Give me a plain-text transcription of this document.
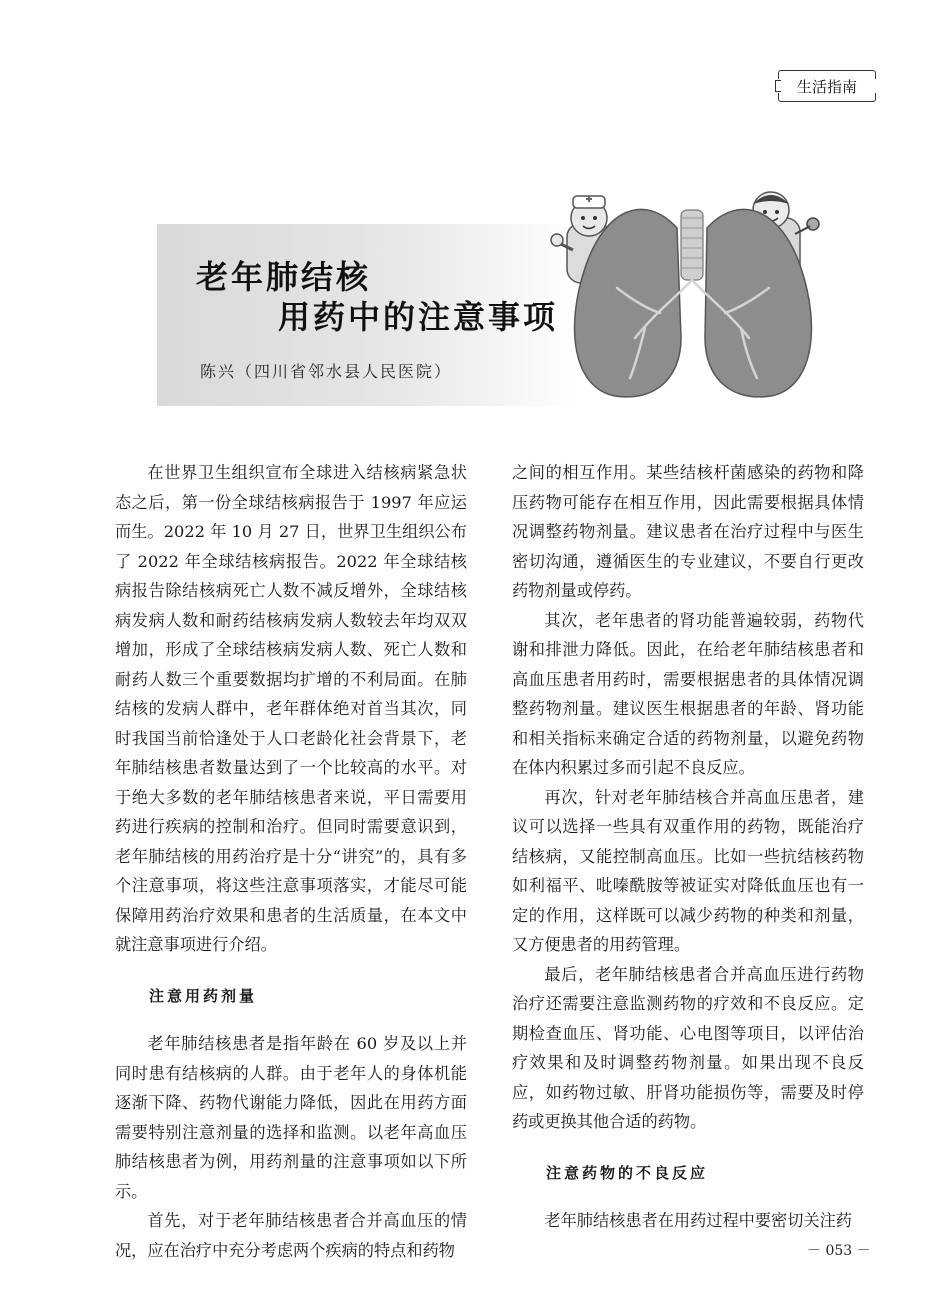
生活指南
老年肺结核
用药中的注意事项
陈兴（四川省邻水县人民医院）

在世界卫生组织宣布全球进入结核病紧急状态之后，第一份全球结核病报告于 1997 年应运而生。2022 年 10 月 27 日，世界卫生组织公布了 2022 年全球结核病报告。2022 年全球结核病报告除结核病死亡人数不减反增外，全球结核病发病人数和耐药结核病发病人数较去年均双双增加，形成了全球结核病发病人数、死亡人数和耐药人数三个重要数据均扩增的不利局面。在肺结核的发病人群中，老年群体绝对首当其次，同时我国当前恰逢处于人口老龄化社会背景下，老年肺结核患者数量达到了一个比较高的水平。对于绝大多数的老年肺结核患者来说，平日需要用药进行疾病的控制和治疗。但同时需要意识到，老年肺结核的用药治疗是十分“讲究”的，具有多个注意事项，将这些注意事项落实，才能尽可能保障用药治疗效果和患者的生活质量，在本文中就注意事项进行介绍。

注意用药剂量

老年肺结核患者是指年龄在 60 岁及以上并同时患有结核病的人群。由于老年人的身体机能逐渐下降、药物代谢能力降低，因此在用药方面需要特别注意剂量的选择和监测。以老年高血压肺结核患者为例，用药剂量的注意事项如以下所示。

首先，对于老年肺结核患者合并高血压的情况，应在治疗中充分考虑两个疾病的特点和药物

之间的相互作用。某些结核杆菌感染的药物和降压药物可能存在相互作用，因此需要根据具体情况调整药物剂量。建议患者在治疗过程中与医生密切沟通，遵循医生的专业建议，不要自行更改药物剂量或停药。

其次，老年患者的肾功能普遍较弱，药物代谢和排泄力降低。因此，在给老年肺结核患者和高血压患者用药时，需要根据患者的具体情况调整药物剂量。建议医生根据患者的年龄、肾功能和相关指标来确定合适的药物剂量，以避免药物在体内积累过多而引起不良反应。

再次，针对老年肺结核合并高血压患者，建议可以选择一些具有双重作用的药物，既能治疗结核病，又能控制高血压。比如一些抗结核药物如利福平、吡嗪酰胺等被证实对降低血压也有一定的作用，这样既可以减少药物的种类和剂量，又方便患者的用药管理。

最后，老年肺结核患者合并高血压进行药物治疗还需要注意监测药物的疗效和不良反应。定期检查血压、肾功能、心电图等项目，以评估治疗效果和及时调整药物剂量。如果出现不良反应，如药物过敏、肝肾功能损伤等，需要及时停药或更换其他合适的药物。

注意药物的不良反应

老年肺结核患者在用药过程中要密切关注药

－ 053 －
